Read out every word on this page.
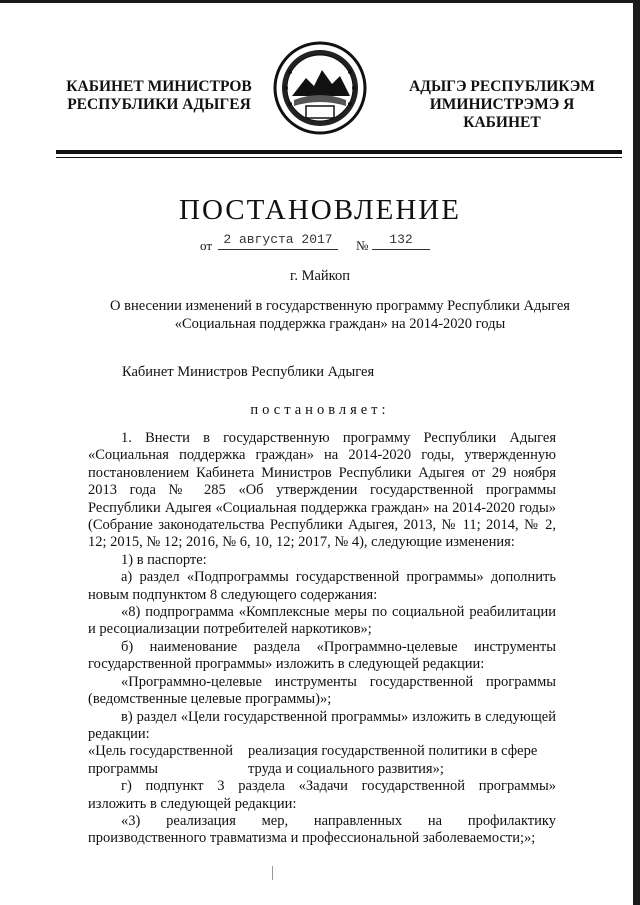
КАБИНЕТ МИНИСТРОВ
РЕСПУБЛИКИ АДЫГЕЯ
АДЫГЭ РЕСПУБЛИКЭМ
ИМИНИСТРЭМЭ Я КАБИНЕТ
ПОСТАНОВЛЕНИЕ
от 2 августа 2017	№	132
г. Майкоп
О внесении изменений в государственную программу Республики Адыгея
«Социальная поддержка граждан» на 2014-2020 годы
Кабинет Министров Республики Адыгея
постановляет:

1. Внести в государственную программу Республики Адыгея «Социальная поддержка граждан» на 2014-2020 годы, утвержденную постановлением Кабинета Министров Республики Адыгея от 29 ноября 2013 года № 285 «Об утверждении государственной программы Республики Адыгея «Социальная поддержка граждан» на 2014-2020 годы» (Собрание законодательства Республики Адыгея, 2013, № 11; 2014, № 2, 12; 2015, № 12; 2016, № 6, 10, 12; 2017, № 4), следующие изменения:

1) в паспорте:

а) раздел «Подпрограммы государственной программы» дополнить новым подпунктом 8 следующего содержания:

«8) подпрограмма «Комплексные меры по социальной реабилитации и ресоциализации потребителей наркотиков»;

б) наименование раздела «Программно-целевые инструменты государственной программы» изложить в следующей редакции:

«Программно-целевые инструменты государственной программы (ведомственные целевые программы)»;

в) раздел «Цели государственной программы» изложить в следующей редакции:

«Цель государственной программы
реализация государственной политики в сфере труда и социального развития»;

г) подпункт 3 раздела «Задачи государственной программы» изложить в следующей редакции:

«3) реализация мер, направленных на профилактику производственного травматизма и профессиональной заболеваемости;»;
